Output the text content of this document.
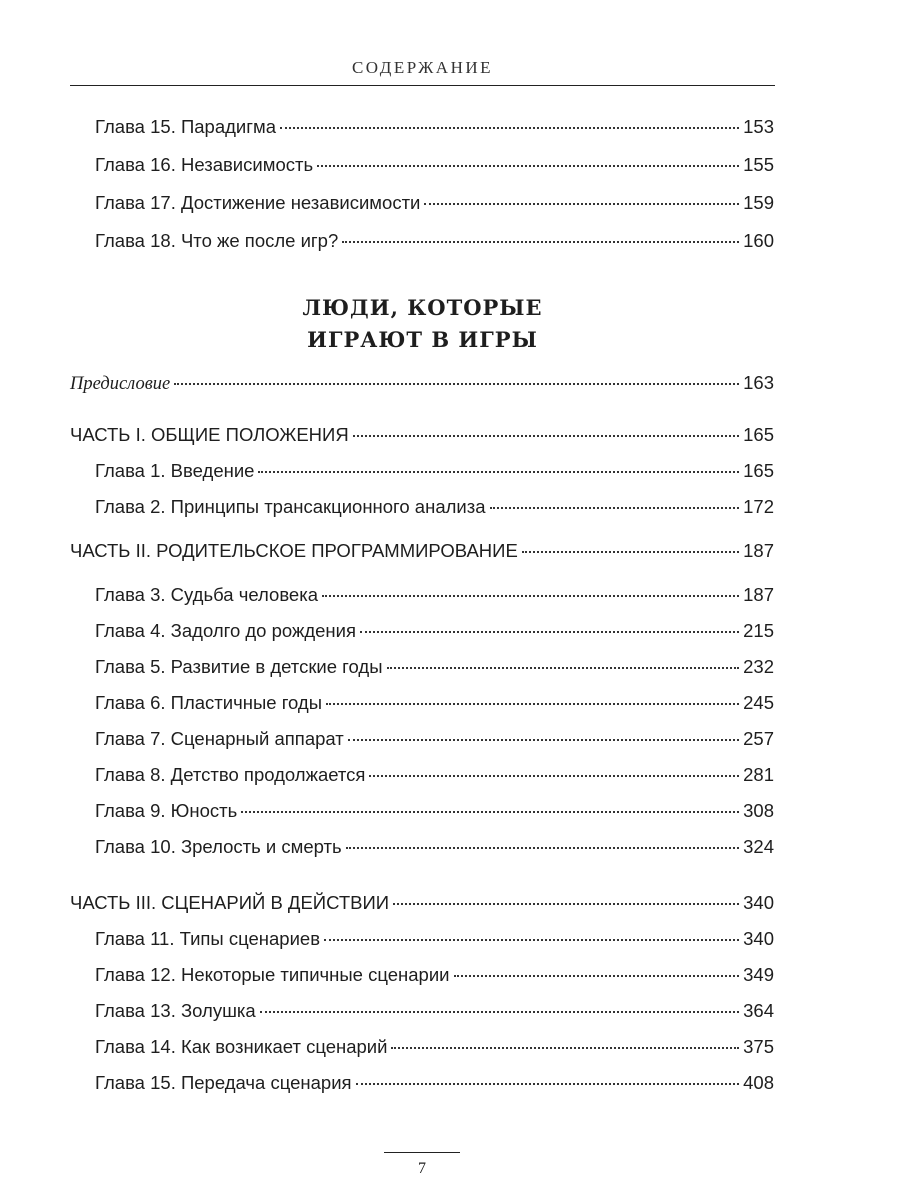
СОДЕРЖАНИЕ
ЛЮДИ, КОТОРЫЕ
ИГРАЮТ В ИГРЫ
Глава 15. Парадигма	153
Глава 16. Независимость	155
Глава 17. Достижение независимости	159
Глава 18. Что же после игр?	160
Предисловие	163
ЧАСТЬ I. ОБЩИЕ ПОЛОЖЕНИЯ	165
Глава 1. Введение	165
Глава 2. Принципы трансакционного анализа	172
ЧАСТЬ II. РОДИТЕЛЬСКОЕ ПРОГРАММИРОВАНИЕ	187
Глава 3. Судьба человека	187
Глава 4. Задолго до рождения	215
Глава 5. Развитие в детские годы	232
Глава 6. Пластичные годы	245
Глава 7. Сценарный аппарат	257
Глава 8. Детство продолжается	281
Глава 9. Юность	308
Глава 10. Зрелость и смерть	324
ЧАСТЬ III. СЦЕНАРИЙ В ДЕЙСТВИИ	340
Глава 11. Типы сценариев	340
Глава 12. Некоторые типичные сценарии	349
Глава 13. Золушка	364
Глава 14. Как возникает сценарий	375
Глава 15. Передача сценария	408
7
